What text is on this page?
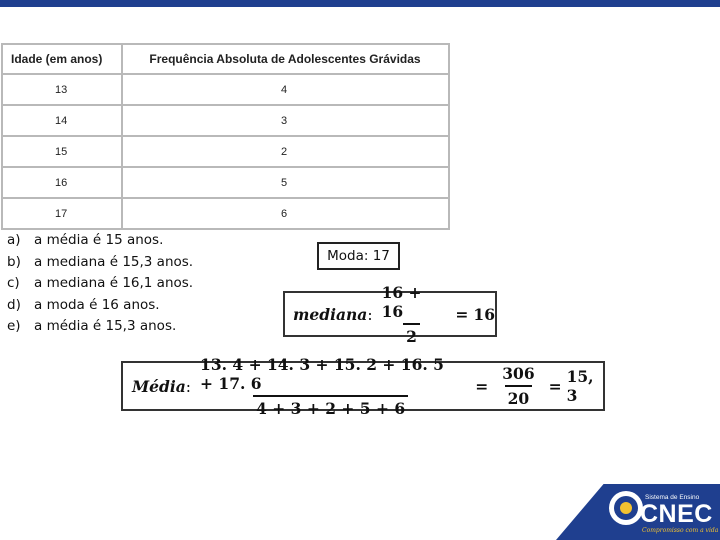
Idade (em anos)	Frequência Absoluta de Adolescentes Grávidas
13	4
14	3
15	2
16	5
17	6
a) a média é 15 anos.
b) a mediana é 15,3 anos.
c)	a mediana é 16,1 anos.
d) a moda é 16 anos.
e) a média é 15,3 anos.
Moda: 17
mediana: $\frac{16 + 16}{2} = 16$
Média: $\frac{13. 4 + 14. 3 + 15. 2 + 16. 5 + 17. 6}{4 + 3 + 2 + 5 + 6} = \frac{306}{20} = 15$, 3
Sistema de Ensino
CNEC
Compromisso com a vida
